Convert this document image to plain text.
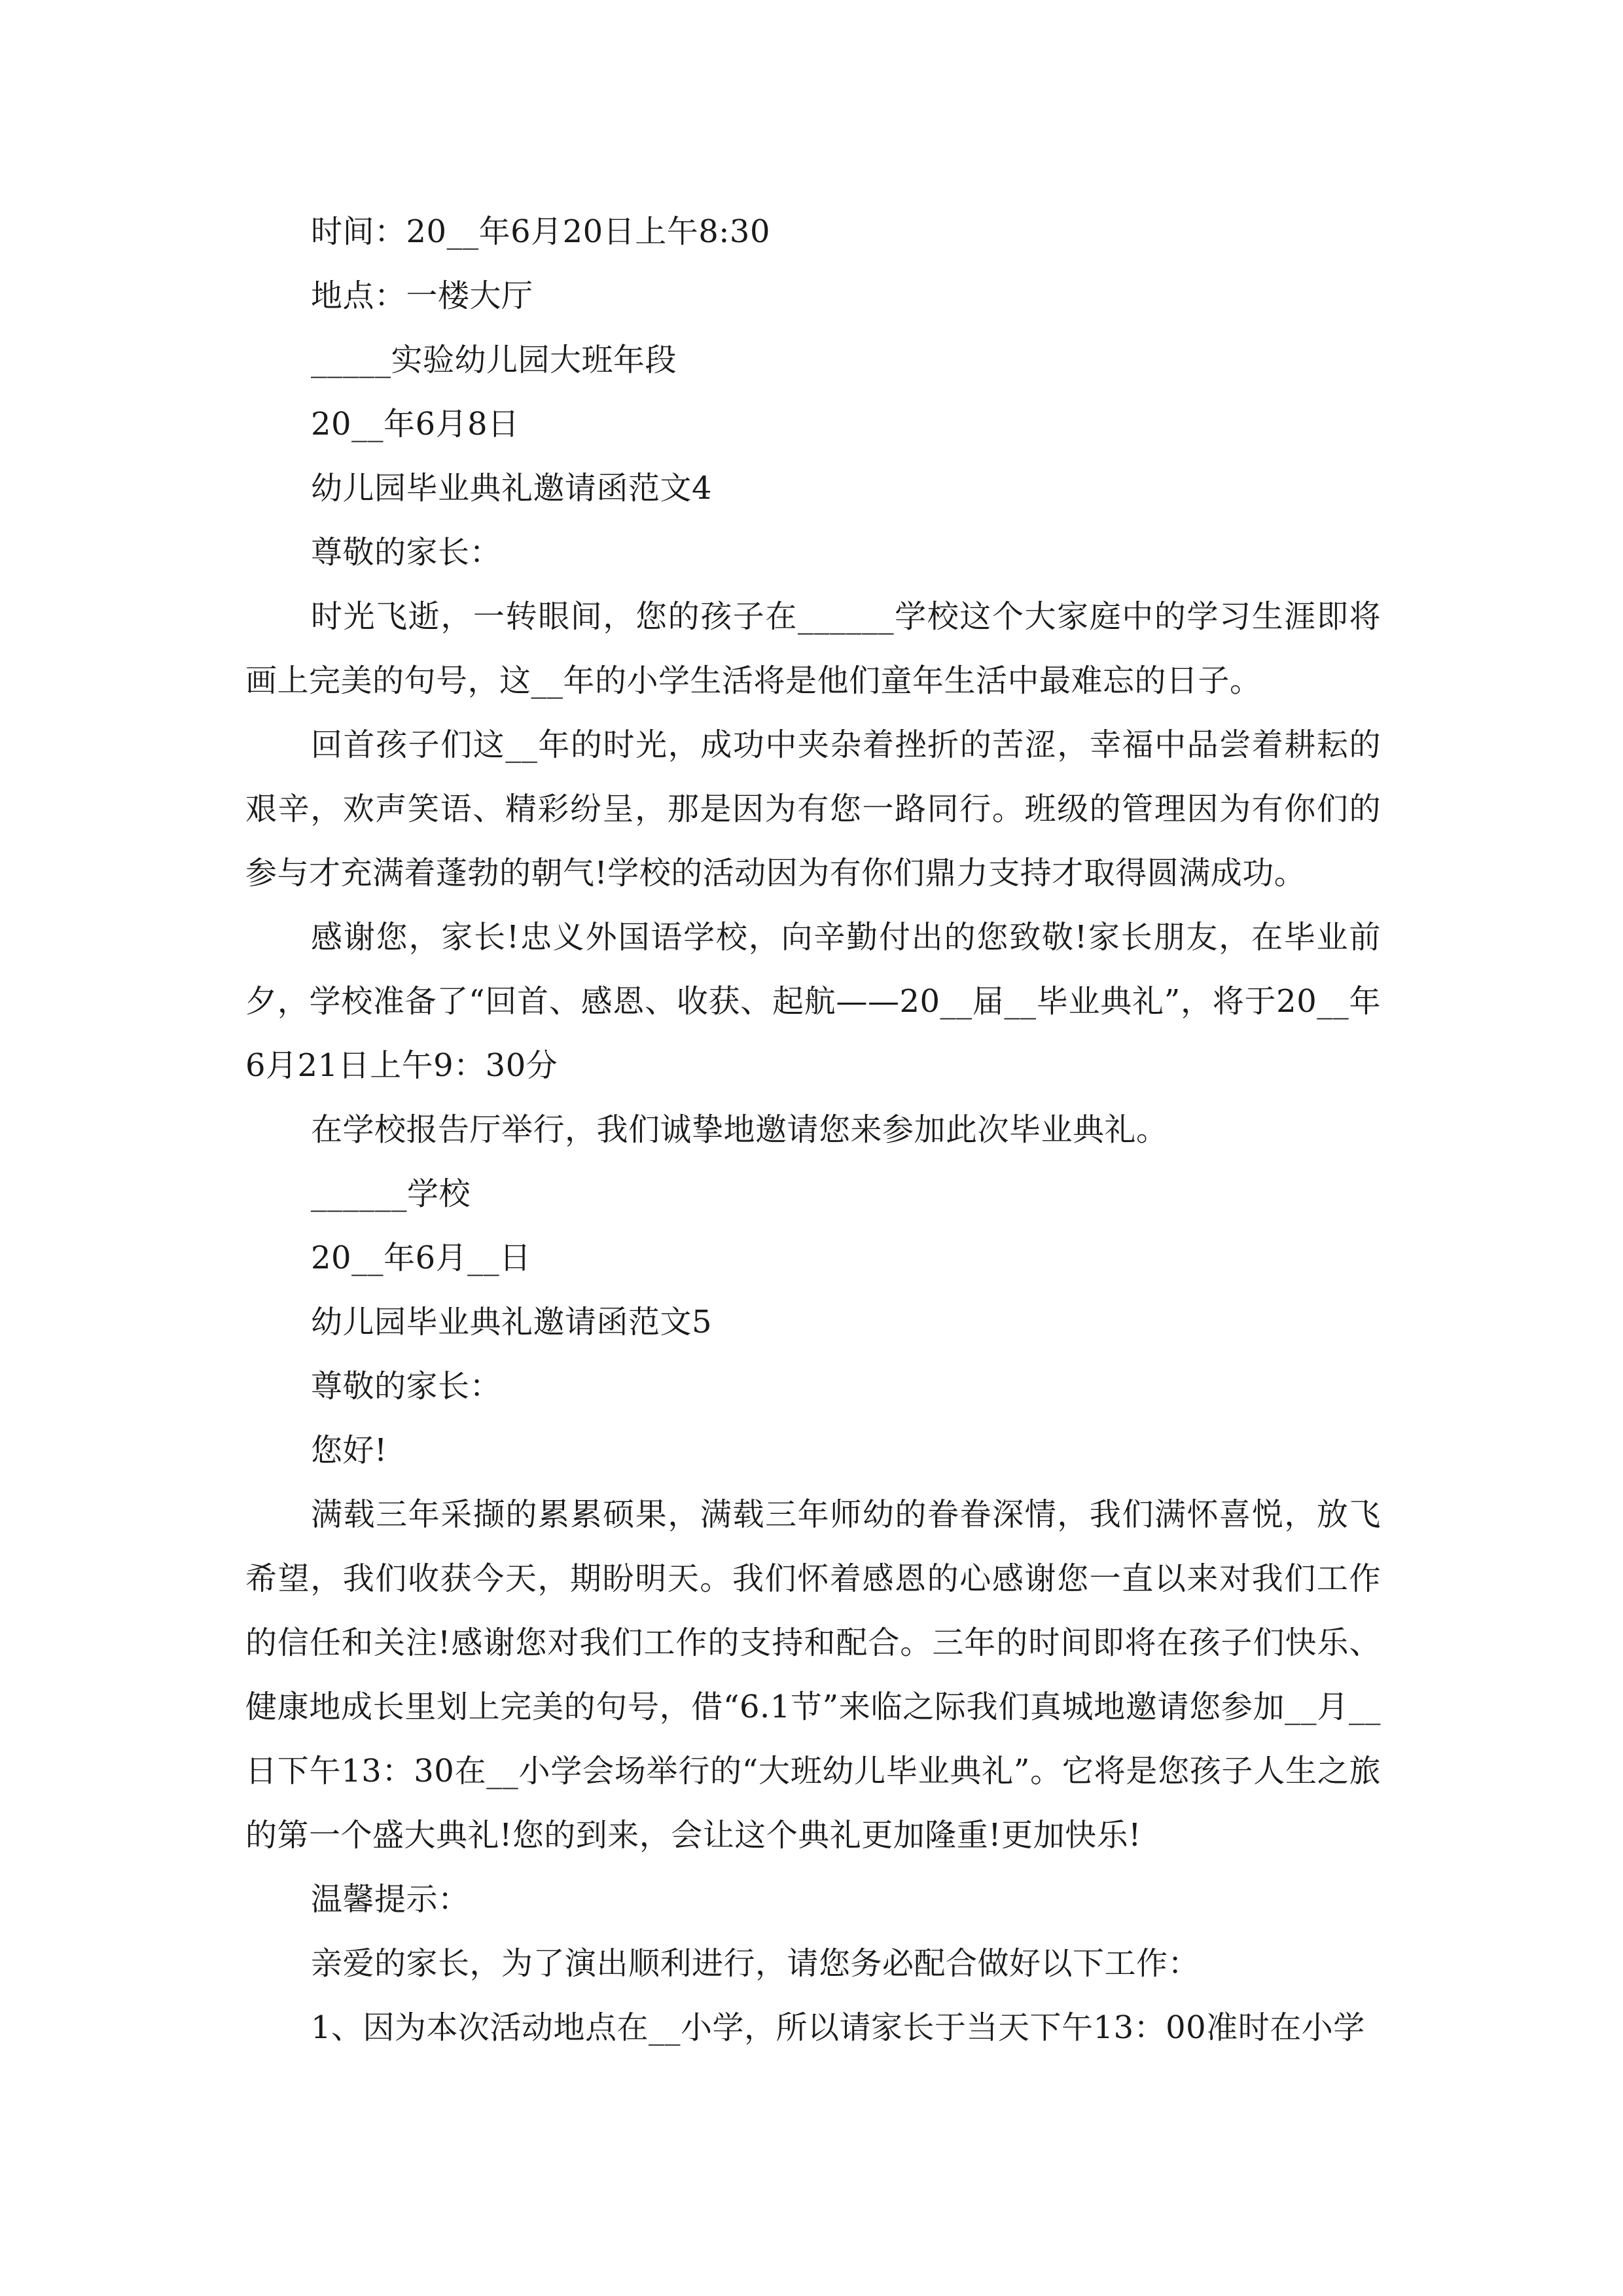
时间：20__年6月20日上午8:30

地点：一楼大厅

_____实验幼儿园大班年段

20__年6月8日

幼儿园毕业典礼邀请函范文4

尊敬的家长：

时光飞逝，一转眼间，您的孩子在______学校这个大家庭中的学习生涯即将画上完美的句号，这__年的小学生活将是他们童年生活中最难忘的日子。
回首孩子们这__年的时光，成功中夹杂着挫折的苦涩，幸福中品尝着耕耘的艰辛，欢声笑语、精彩纷呈，那是因为有您一路同行。班级的管理因为有你们的参与才充满着蓬勃的朝气!学校的活动因为有你们鼎力支持才取得圆满成功。
感谢您，家长!忠义外国语学校，向辛勤付出的您致敬!家长朋友，在毕业前夕，学校准备了“回首、感恩、收获、起航——20__届__毕业典礼”，将于20__年6月21日上午9：30分

在学校报告厅举行，我们诚挚地邀请您来参加此次毕业典礼。

______学校

20__年6月__日

幼儿园毕业典礼邀请函范文5

尊敬的家长：

您好!

满载三年采撷的累累硕果，满载三年师幼的眷眷深情，我们满怀喜悦，放飞希望，我们收获今天，期盼明天。我们怀着感恩的心感谢您一直以来对我们工作的信任和关注!感谢您对我们工作的支持和配合。三年的时间即将在孩子们快乐、健康地成长里划上完美的句号，借“6.1节”来临之际我们真城地邀请您参加__月__日下午13：30在__小学会场举行的“大班幼儿毕业典礼”。它将是您孩子人生之旅的第一个盛大典礼!您的到来，会让这个典礼更加隆重!更加快乐!

温馨提示：

亲爱的家长，为了演出顺利进行，请您务必配合做好以下工作：

1、因为本次活动地点在__小学，所以请家长于当天下午13：00准时在小学
